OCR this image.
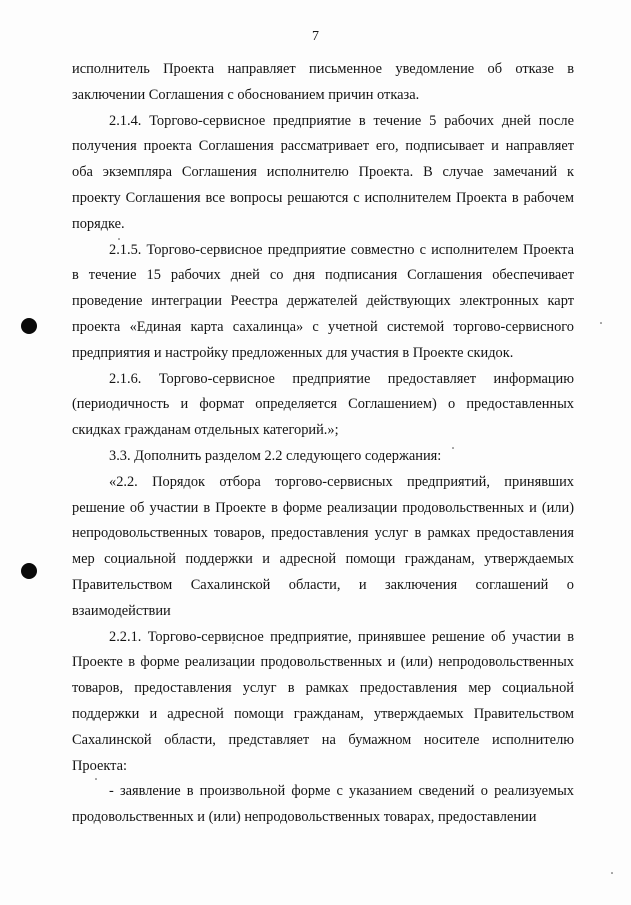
7

исполнитель Проекта направляет письменное уведомление об отказе в заключении Соглашения с обоснованием причин отказа.

2.1.4. Торгово-сервисное предприятие в течение 5 рабочих дней после получения проекта Соглашения рассматривает его, подписывает и направляет оба экземпляра Соглашения исполнителю Проекта. В случае замечаний к проекту Соглашения все вопросы решаются с исполнителем Проекта в рабочем порядке.

2.1.5. Торгово-сервисное предприятие совместно с исполнителем Проекта в течение 15 рабочих дней со дня подписания Соглашения обеспечивает проведение интеграции Реестра держателей действующих электронных карт проекта «Единая карта сахалинца» с учетной системой торгово-сервисного предприятия и настройку предложенных для участия в Проекте скидок.

2.1.6. Торгово-сервисное предприятие предоставляет информацию (периодичность и формат определяется Соглашением) о предоставленных скидках гражданам отдельных категорий.»;

3.3. Дополнить разделом 2.2 следующего содержания:

«2.2. Порядок отбора торгово-сервисных предприятий, принявших решение об участии в Проекте в форме реализации продовольственных и (или) непродовольственных товаров, предоставления услуг в рамках предоставления мер социальной поддержки и адресной помощи гражданам, утверждаемых Правительством Сахалинской области, и заключения соглашений о взаимодействии

2.2.1. Торгово-сервисное предприятие, принявшее решение об участии в Проекте в форме реализации продовольственных и (или) непродовольственных товаров, предоставления услуг в рамках предоставления мер социальной поддержки и адресной помощи гражданам, утверждаемых Правительством Сахалинской области, представляет на бумажном носителе исполнителю Проекта:

- заявление в произвольной форме с указанием сведений о реализуемых продовольственных и (или) непродовольственных товарах, предоставлении
